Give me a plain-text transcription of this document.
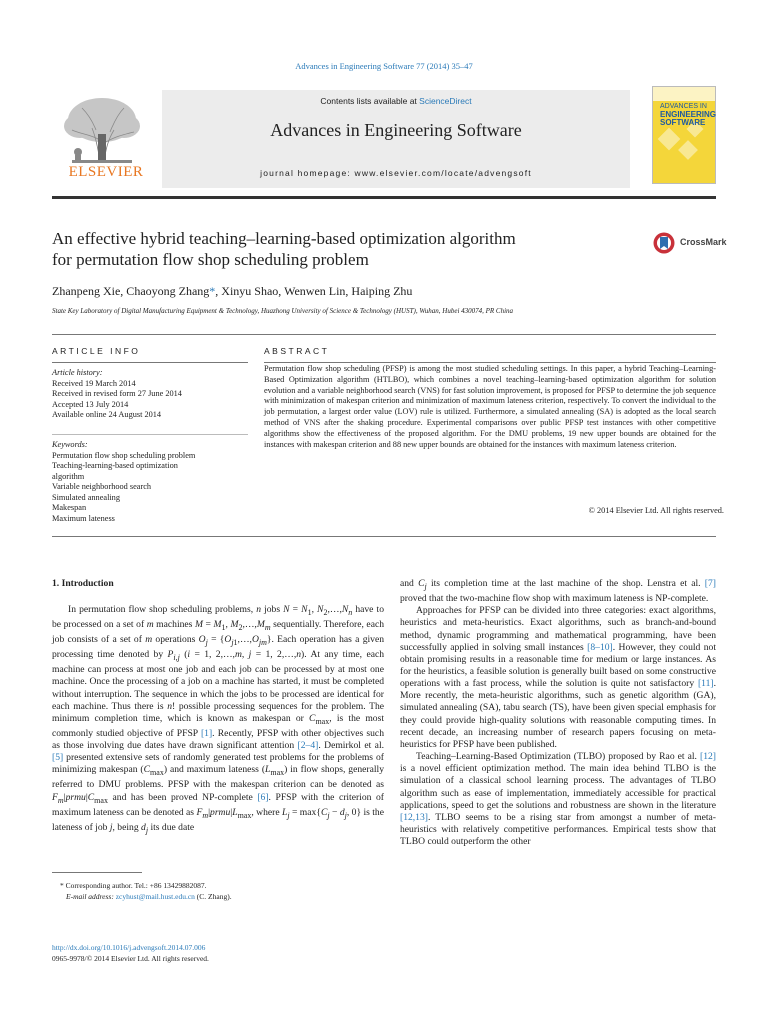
Advances in Engineering Software 77 (2014) 35–47
Contents lists available at ScienceDirect
Advances in Engineering Software
journal homepage: www.elsevier.com/locate/advengsoft
ELSEVIER
ADVANCES IN
ENGINEERING
SOFTWARE
An effective hybrid teaching–learning-based optimization algorithm
for permutation flow shop scheduling problem
CrossMark
Zhanpeng Xie, Chaoyong Zhang*, Xinyu Shao, Wenwen Lin, Haiping Zhu
State Key Laboratory of Digital Manufacturing Equipment & Technology, Huazhong University of Science & Technology (HUST), Wuhan, Hubei 430074, PR China
ARTICLE INFO
Article history:
Received 19 March 2014
Received in revised form 27 June 2014
Accepted 13 July 2014
Available online 24 August 2014
Keywords:
Permutation flow shop scheduling problem
Teaching-learning-based optimization
algorithm
Variable neighborhood search
Simulated annealing
Makespan
Maximum lateness
ABSTRACT
Permutation flow shop scheduling (PFSP) is among the most studied scheduling settings. In this paper, a hybrid Teaching–Learning-Based Optimization algorithm (HTLBO), which combines a novel teaching–learning-based optimization algorithm for solution evolution and a variable neighborhood search (VNS) for fast solution improvement, is proposed for PFSP to determine the job sequence with minimization of makespan criterion and minimization of maximum lateness criterion, respectively. To convert the individual to the job permutation, a largest order value (LOV) rule is utilized. Furthermore, a simulated annealing (SA) is adopted as the local search method of VNS after the shaking procedure. Experimental comparisons over public PFSP test instances with other competitive algorithms show the effectiveness of the proposed algorithm. For the DMU problems, 19 new upper bounds are obtained for the instances with makespan criterion and 88 new upper bounds are obtained for the instances with maximum lateness criterion.
© 2014 Elsevier Ltd. All rights reserved.
1. Introduction

In permutation flow shop scheduling problems, n jobs $N = N_1$, $N_2,\dots,N_n$ have to be processed on a set of m machines $M = M_1$, $M_2,\dots,M_m$ sequentially. Therefore, each job consists of a set of m operations $O_j$ = $\{O_{j1},\dots,O_{jm}\}$. Each operation has a given processing time denoted by $P_{i,j}$ (i = 1, 2,…,m, j = 1, 2,…,n). At any time, each machine can process at most one job and each job can be processed by at most one machine. Once the processing of a job on a machine has started, it must be completed without interruption. The sequence in which the jobs to be processed are identical for each machine. Thus there is n! possible processing sequences for the problem. The minimum completion time, which is known as makespan or $C_{max}$, is the most commonly studied objective of PFSP [1]. Recently, PFSP with other objectives such as those involving due dates have drawn significant attention [2–4]. Demirkol et al. [5] presented extensive sets of randomly generated test problems for the problems of minimizing makespan $(C_{max})$ and maximum lateness $(L_{max})$ in flow shops, generally referred to DMU problems. PFSP with the makespan criterion can be denoted as $F_m|prmu|C_{max}$ and has been proved NP-complete [6]. PFSP with the criterion of maximum lateness can be denoted as $F_m|prmu|L_{max}$, where $L_j = \max\{C_j - d_j$, 0} is the lateness of job j, being $d_j$ its due date

and $C_j$ its completion time at the last machine of the shop. Lenstra et al. [7] proved that the two-machine flow shop with maximum lateness is NP-complete.

Approaches for PFSP can be divided into three categories: exact algorithms, heuristics and meta-heuristics. Exact algorithms, such as branch-and-bound method, dynamic programming and mathematical programming, have been successfully applied in solving small instances [8–10]. However, they could not obtain promising results in a reasonable time for medium or large instances. As for the heuristics, a feasible solution is generally built based on some constructive operations with a fast process, while the solution is quite not satisfactory [11]. More recently, the meta-heuristic algorithms, such as genetic algorithm (GA), simulated annealing (SA), tabu search (TS), have been given special emphasis for they could provide high-quality solutions with reasonable computing times. In recent decade, an increasing number of research papers focusing on meta-heuristics for PFSP have been published.

Teaching–Learning-Based Optimization (TLBO) proposed by Rao et al. [12] is a novel efficient optimization method. The main idea behind TLBO is the simulation of a classical school learning process. The advantages of TLBO algorithm such as ease of implementation, immediately accessible for practical applications, speed to get the solutions and robustness are shown in the literature [12,13]. TLBO seems to be a rising star from amongst a number of meta-heuristics with relatively competitive performances. Empirical tests show that TLBO could outperform the other

* Corresponding author. Tel.: +86 13429882087.
E-mail address: zcyhust@mail.hust.edu.cn (C. Zhang).
http://dx.doi.org/10.1016/j.advengsoft.2014.07.006
0965-9978/© 2014 Elsevier Ltd. All rights reserved.
